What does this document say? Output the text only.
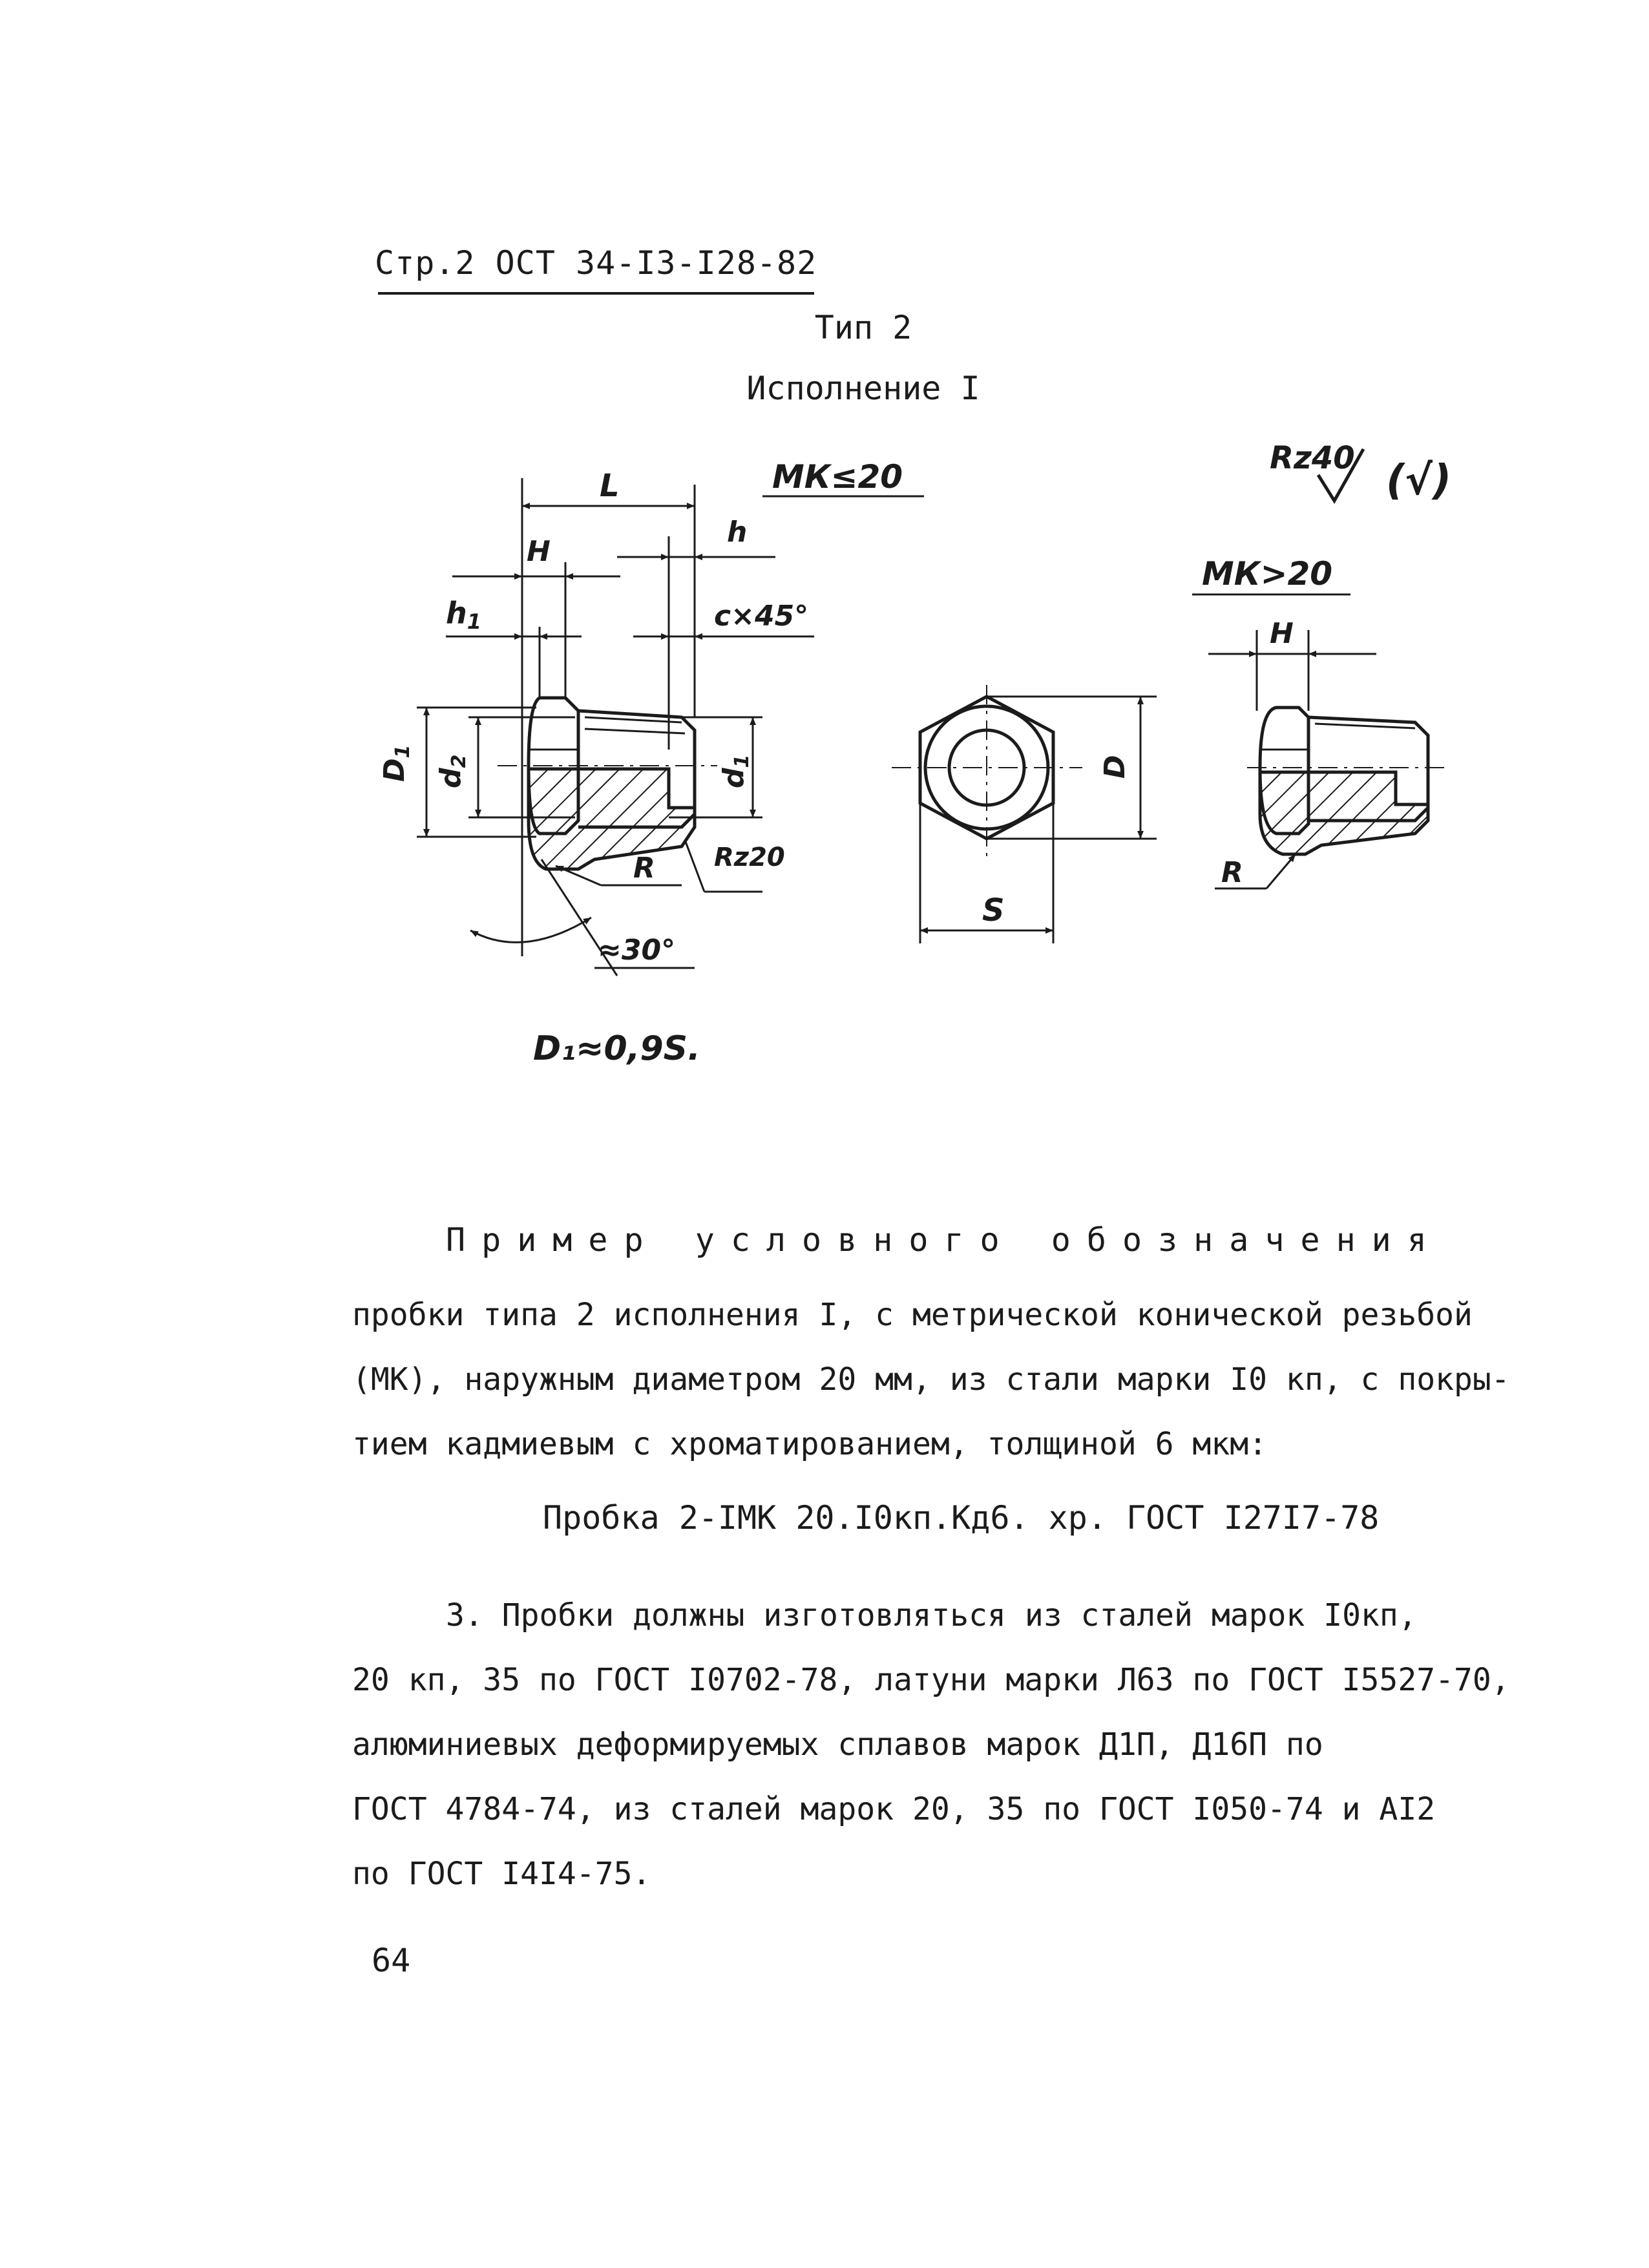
Стр.2 ОСТ 34-I3-I28-82
Тип 2
Исполнение I
МК≤20
L
H
h
h1	c×45°
D1
d2
d1
R Rz20
≈30°
D₁≈0,9S.
D
S
Rz40 (√)
МК>20
H
R
Пример условного обозначения
пробки типа 2 исполнения I, с метрической конической резьбой
(МК), наружным диаметром 20 мм, из стали марки I0 кп, с покры-
тием кадмиевым с хроматированием, толщиной 6 мкм:
Пробка 2-IМК 20.I0кп.Кд6. хр. ГОСТ I27I7-78
3. Пробки должны изготовляться из сталей марок I0кп,
20 кп, 35 по ГОСТ I0702-78, латуни марки Л63 по ГОСТ I5527-70,
алюминиевых деформируемых сплавов марок Д1П, Д16П по
ГОСТ 4784-74, из сталей марок 20, 35 по ГОСТ I050-74 и АI2
по ГОСТ I4I4-75.
64
